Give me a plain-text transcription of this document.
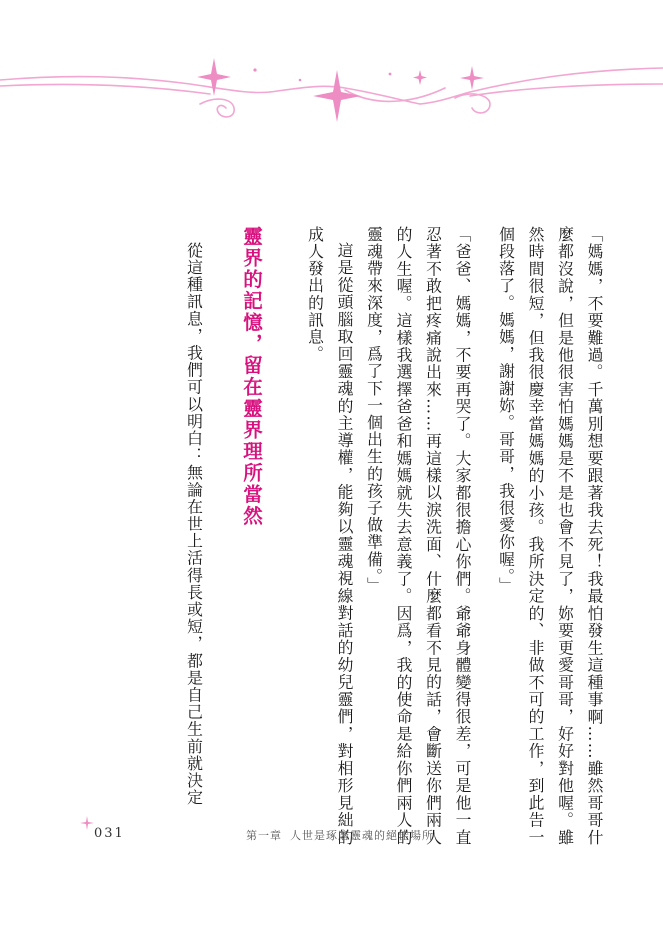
「媽媽，不要難過。千萬別想要跟著我去死！我最怕發生這種事啊……雖然哥哥什麼都沒說，但是他很害怕媽媽是不是也會不見了，妳要更愛哥哥，好好對他喔。雖然時間很短，但我很慶幸當媽媽的小孩。我所決定的、非做不可的工作，到此告一個段落了。媽媽，謝謝妳。哥哥，我很愛你喔。」

「爸爸、媽媽，不要再哭了。大家都很擔心你們。爺爺身體變得很差，可是他一直忍著不敢把疼痛說出來……再這樣以淚洗面、什麼都看不見的話，會斷送你們兩人的人生喔。這樣我選擇爸爸和媽媽就失去意義了。因爲，我的使命是給你們兩人的靈魂帶來深度，爲了下一個出生的孩子做準備。」

這是從頭腦取回靈魂的主導權，能夠以靈魂視線對話的幼兒靈們，對相形見絀的成人發出的訊息。

靈界的記憶，留在靈界理所當然

從這種訊息，我們可以明白：無論在世上活得長或短，都是自己生前就決定

031	第一章 人世是琢磨靈魂的絕佳場所
